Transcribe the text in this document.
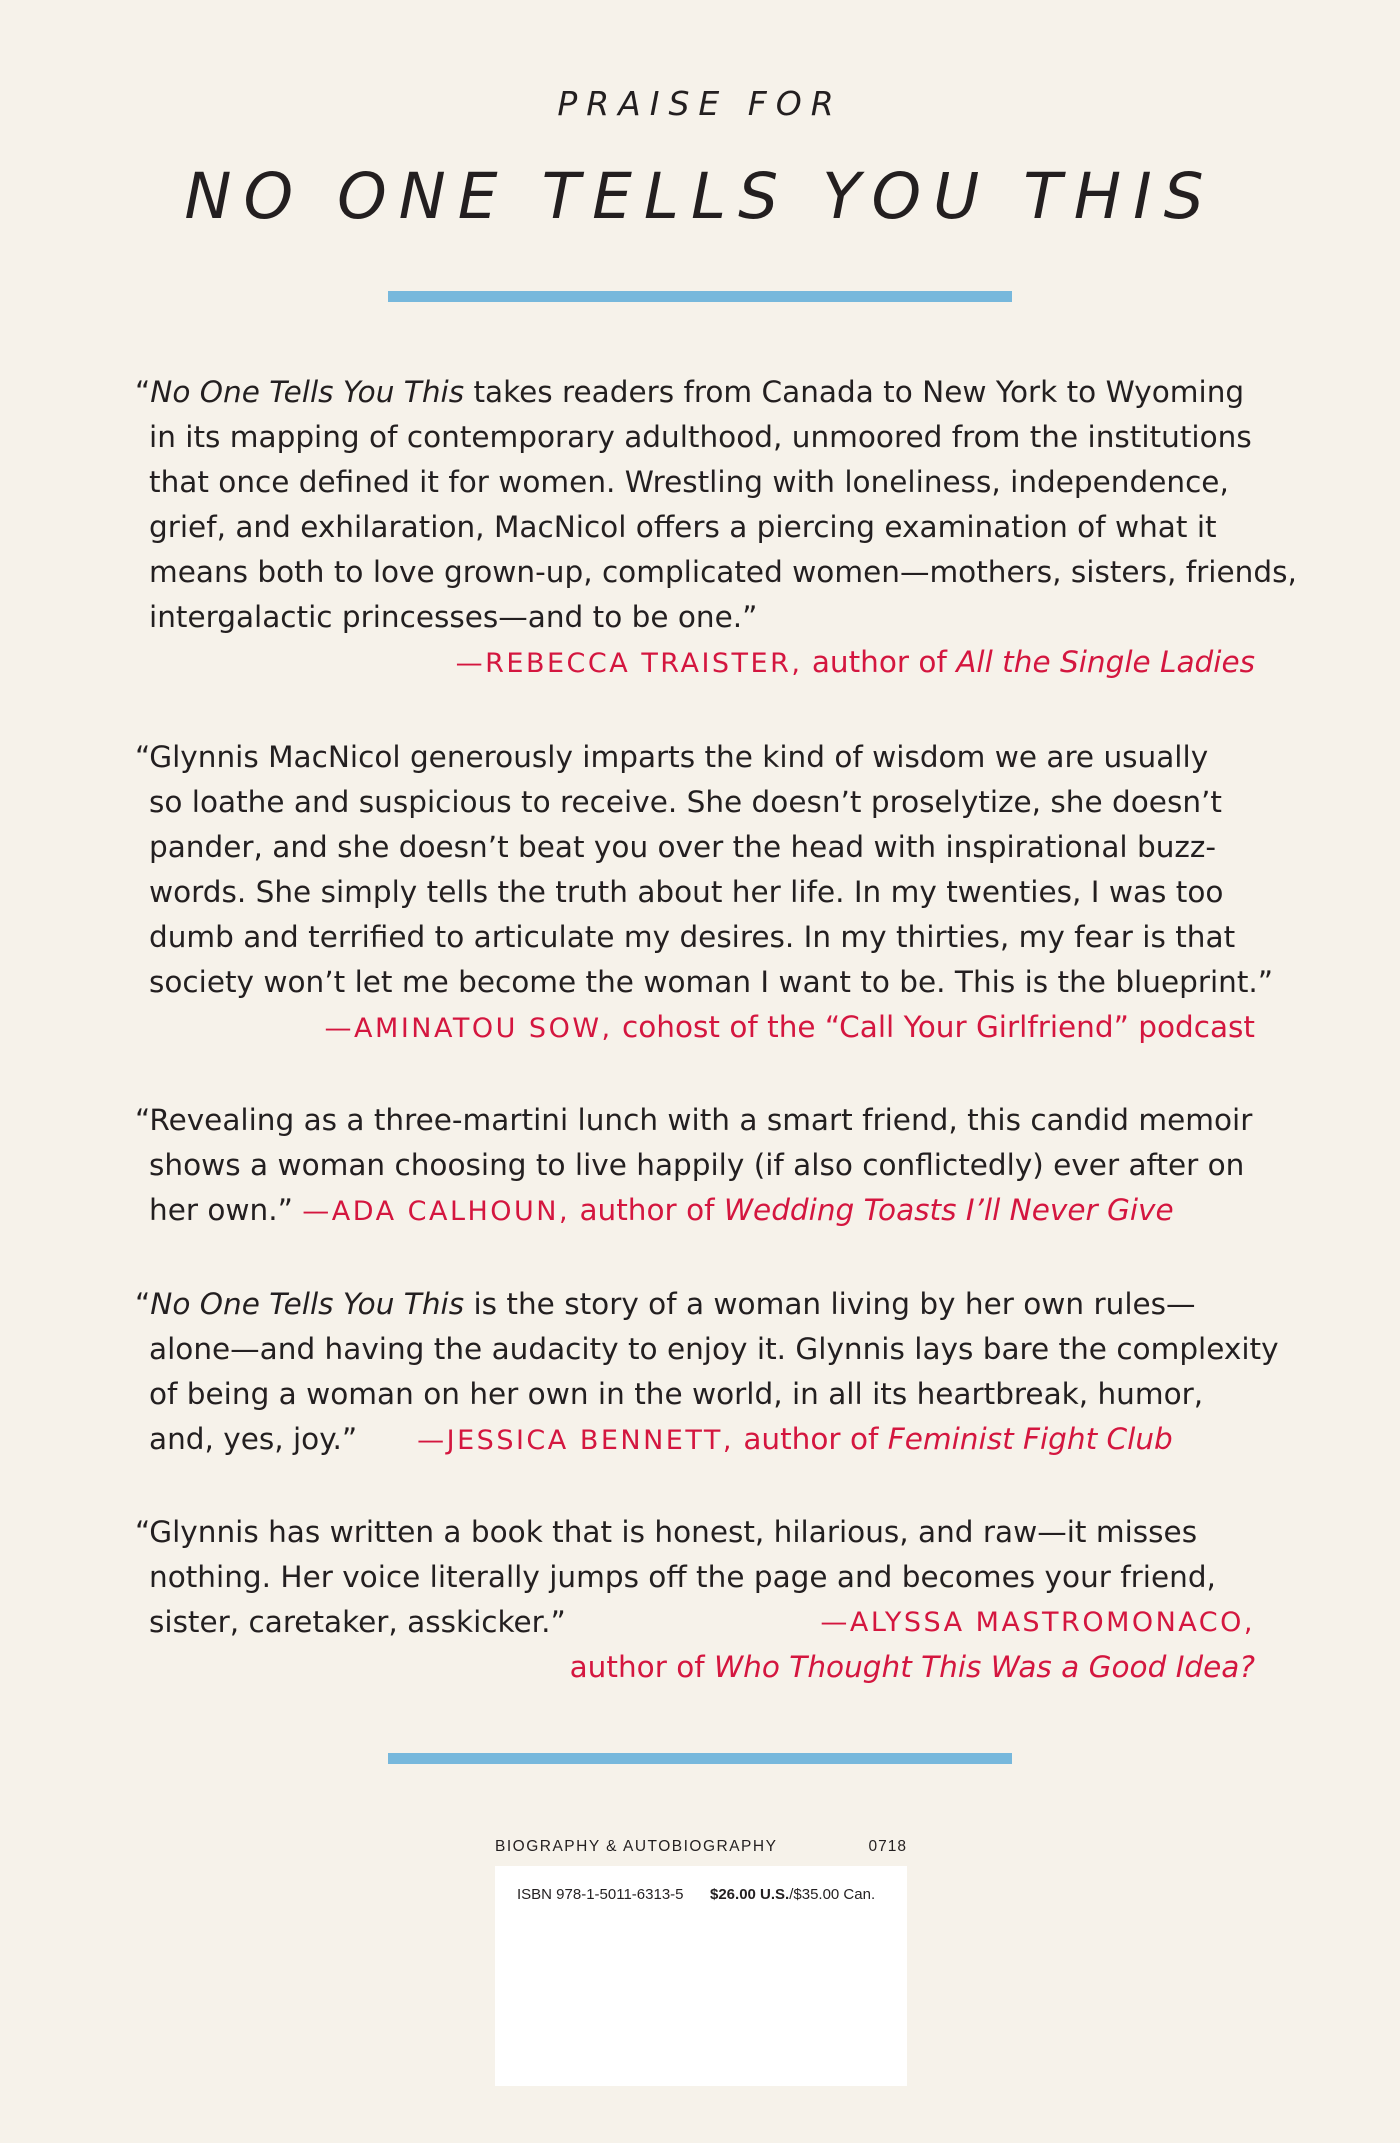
PRAISE FOR
NO ONE TELLS YOU THIS
“No One Tells You This takes readers from Canada to New York to Wyoming
in its mapping of contemporary adulthood, unmoored from the institutions
that once defined it for women. Wrestling with loneliness, independence,
grief, and exhilaration, MacNicol offers a piercing examination of what it
means both to love grown-up, complicated women—mothers, sisters, friends,
intergalactic princesses—and to be one.”
—REBECCA TRAISTER, author of All the Single Ladies
“Glynnis MacNicol generously imparts the kind of wisdom we are usually
so loathe and suspicious to receive. She doesn’t proselytize, she doesn’t
pander, and she doesn’t beat you over the head with inspirational buzz-
words. She simply tells the truth about her life. In my twenties, I was too
dumb and terrified to articulate my desires. In my thirties, my fear is that
society won’t let me become the woman I want to be. This is the blueprint.”
—AMINATOU SOW, cohost of the “Call Your Girlfriend” podcast
“Revealing as a three-martini lunch with a smart friend, this candid memoir
shows a woman choosing to live happily (if also conflictedly) ever after on
her own.” —ADA CALHOUN, author of Wedding Toasts I’ll Never Give
“No One Tells You This is the story of a woman living by her own rules—
alone—and having the audacity to enjoy it. Glynnis lays bare the complexity
of being a woman on her own in the world, in all its heartbreak, humor,
and, yes, joy.” —JESSICA BENNETT, author of Feminist Fight Club
“Glynnis has written a book that is honest, hilarious, and raw—it misses
nothing. Her voice literally jumps off the page and becomes your friend,
sister, caretaker, asskicker.”	—ALYSSA MASTROMONACO,
author of Who Thought This Was a Good Idea?
BIOGRAPHY & AUTOBIOGRAPHY	0718
ISBN 978-1-5011-6313-5 $26.00 U.S./$35.00 Can.
